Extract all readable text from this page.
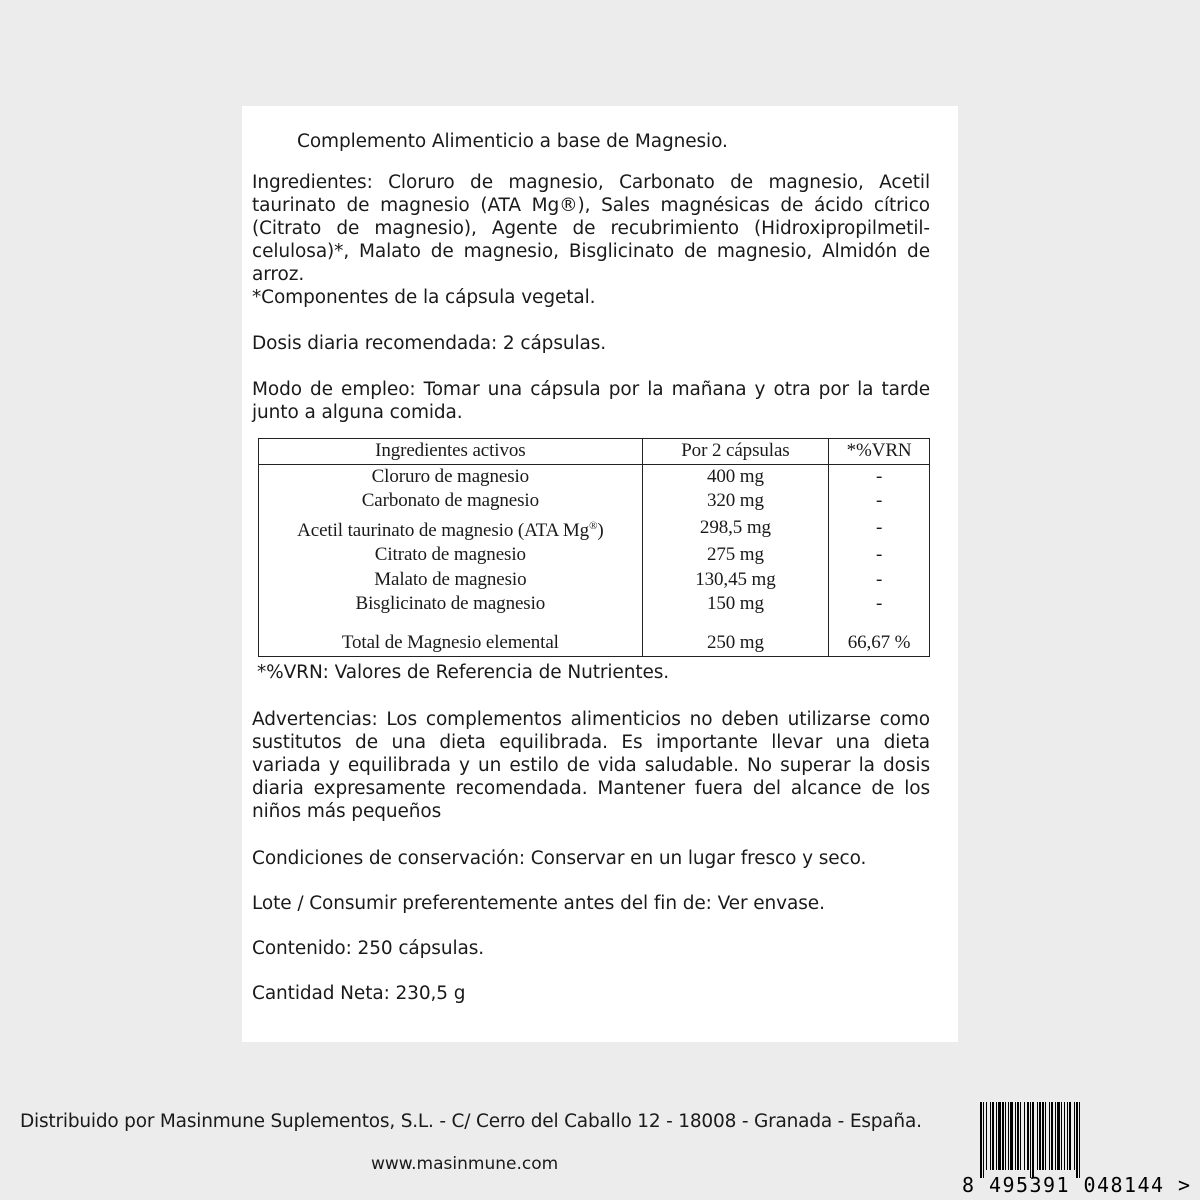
Complemento Alimenticio a base de Magnesio.

Ingredientes: Cloruro de magnesio, Carbonato de magnesio, Acetil taurinato de magnesio (ATA Mg®), Sales magnésicas de ácido cítrico (Citrato de magnesio), Agente de recubrimiento (Hidroxipropilmetil-celulosa)*, Malato de magnesio, Bisglicinato de magnesio, Almidón de arroz.

*Componentes de la cápsula vegetal.

Dosis diaria recomendada: 2 cápsulas.

Modo de empleo: Tomar una cápsula por la mañana y otra por la tarde junto a alguna comida.

Ingredientes activos	Por 2 cápsulas	*%VRN
Cloruro de magnesio	400 mg	-
Carbonato de magnesio	320 mg	-
Acetil taurinato de magnesio (ATA Mg®)	298,5 mg	-
Citrato de magnesio	275 mg	-
Malato de magnesio	130,45 mg	-
Bisglicinato de magnesio	150 mg	-

Total de Magnesio elemental	250 mg	66,67 %

*%VRN: Valores de Referencia de Nutrientes.

Advertencias: Los complementos alimenticios no deben utilizarse como sustitutos de una dieta equilibrada. Es importante llevar una dieta variada y equilibrada y un estilo de vida saludable. No superar la dosis diaria expresamente recomendada. Mantener fuera del alcance de los niños más pequeños

Condiciones de conservación: Conservar en un lugar fresco y seco.

Lote / Consumir preferentemente antes del fin de: Ver envase.

Contenido: 250 cápsulas.

Cantidad Neta: 230,5 g

Distribuido por Masinmune Suplementos, S.L. - C/ Cerro del Caballo 12 - 18008 - Granada - España.
www.masinmune.com
8 495391 048144 >
